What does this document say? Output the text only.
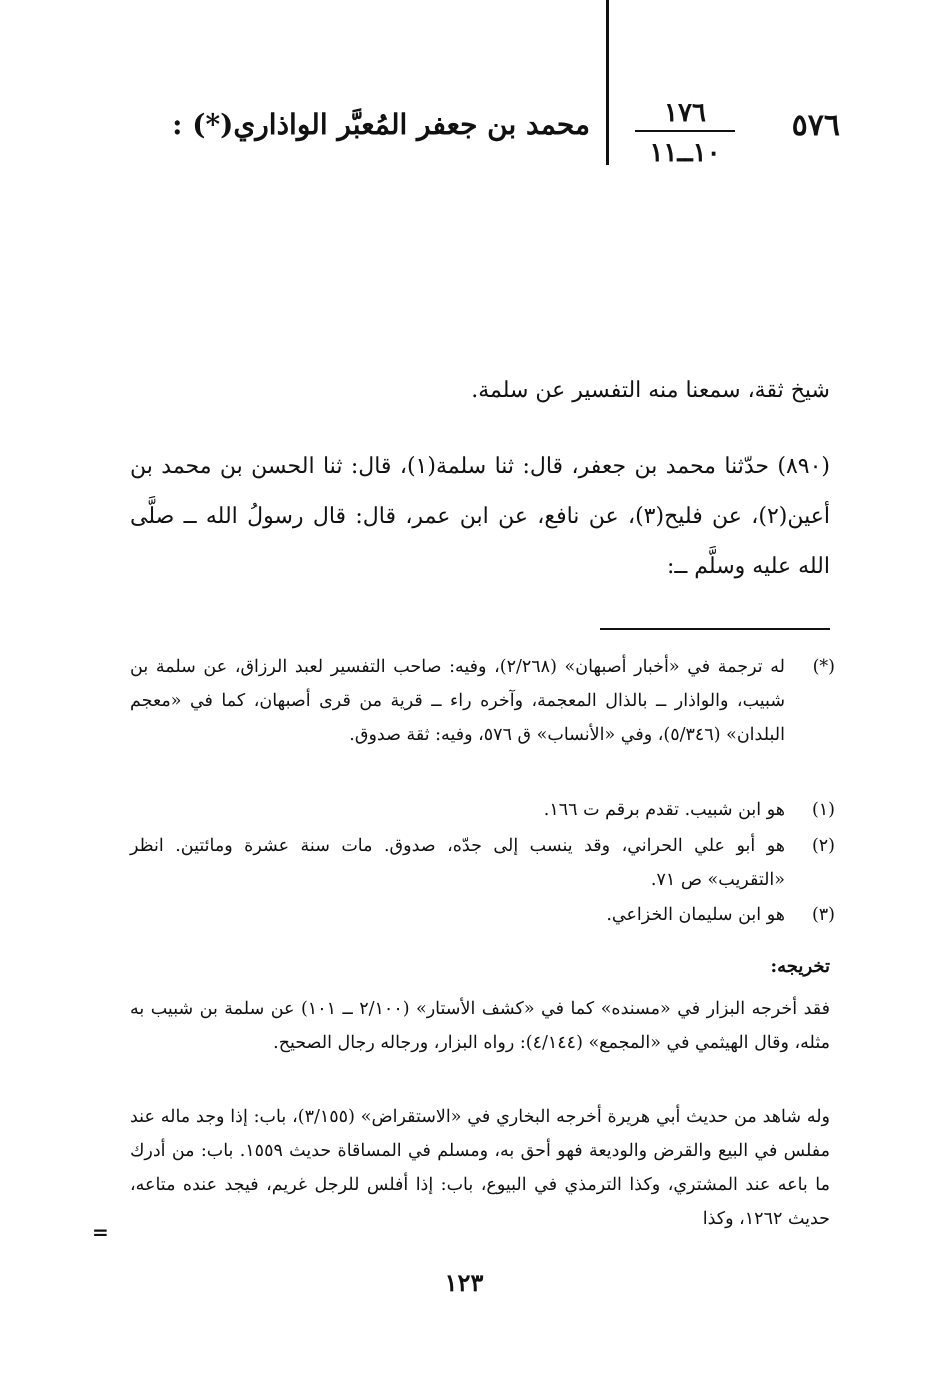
٥٧٦
١٧٦
١٠ــ١١
محمد بن جعفر المُعبَّر الواذاري(*) :
شيخ ثقة، سمعنا منه التفسير عن سلمة.
(٨٩٠) حدّثنا محمد بن جعفر، قال: ثنا سلمة(١)، قال: ثنا الحسن بن محمد بن أعين(٢)، عن فليح(٣)، عن نافع، عن ابن عمر، قال: قال رسولُ الله ــ صلَّى الله عليه وسلَّم ــ:
(*)
له ترجمة في «أخبار أصبهان» (٢/٢٦٨)، وفيه: صاحب التفسير لعبد الرزاق، عن سلمة بن شبيب، والواذار ــ بالذال المعجمة، وآخره راء ــ قرية من قرى أصبهان، كما في «معجم البلدان» (٥/٣٤٦)، وفي «الأنساب» ق ٥٧٦، وفيه: ثقة صدوق.
(١)
هو ابن شبيب. تقدم برقم ت ١٦٦.
(٢)
هو أبو علي الحراني، وقد ينسب إلى جدّه، صدوق. مات سنة عشرة ومائتين. انظر «التقريب» ص ٧١.
(٣)
هو ابن سليمان الخزاعي.
تخريجه:
فقد أخرجه البزار في «مسنده» كما في «كشف الأستار» (٢/١٠٠ ــ ١٠١) عن سلمة بن شبيب به مثله، وقال الهيثمي في «المجمع» (٤/١٤٤): رواه البزار، ورجاله رجال الصحيح.
وله شاهد من حديث أبي هريرة أخرجه البخاري في «الاستقراض» (٣/١٥٥)، باب: إذا وجد ماله عند مفلس في البيع والقرض والوديعة فهو أحق به، ومسلم في المساقاة حديث ١٥٥٩. باب: من أدرك ما باعه عند المشتري، وكذا الترمذي في البيوع، باب: إذا أفلس للرجل غريم، فيجد عنده متاعه، حديث ١٢٦٢، وكذا
=
١٢٣
